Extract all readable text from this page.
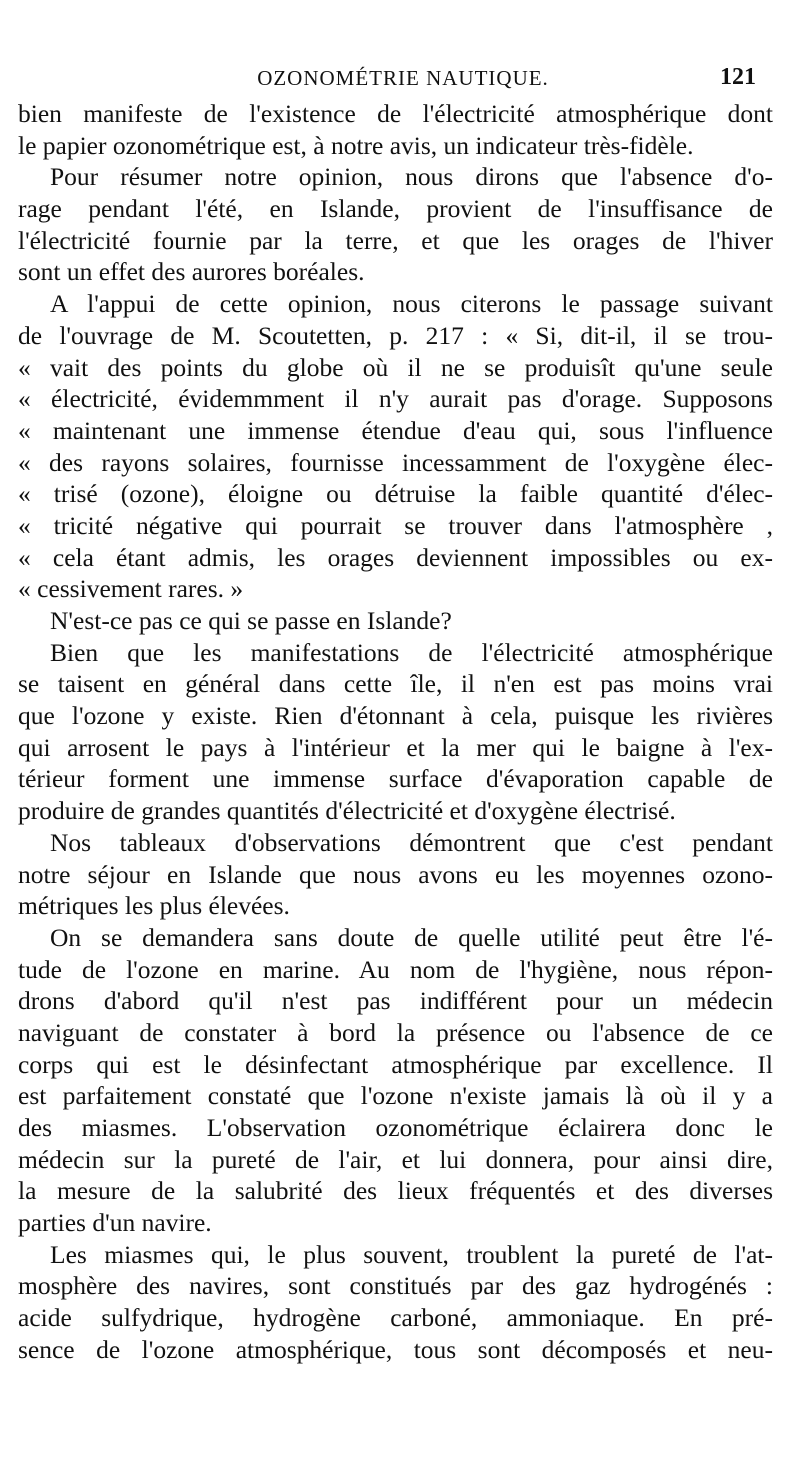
OZONOMÉTRIE NAUTIQUE.	121
bien manifeste de l'existence de l'électricité atmosphérique dont
le papier ozonométrique est, à notre avis, un indicateur très-fidèle.
Pour résumer notre opinion, nous dirons que l'absence d'o-
rage pendant l'été, en Islande, provient de l'insuffisance de
l'électricité fournie par la terre, et que les orages de l'hiver
sont un effet des aurores boréales.
A l'appui de cette opinion, nous citerons le passage suivant
de l'ouvrage de M. Scoutetten, p. 217 : « Si, dit-il, il se trou-
« vait des points du globe où il ne se produisît qu'une seule
« électricité, évidemmment il n'y aurait pas d'orage. Supposons
« maintenant une immense étendue d'eau qui, sous l'influence
« des rayons solaires, fournisse incessamment de l'oxygène élec-
« trisé (ozone), éloigne ou détruise la faible quantité d'élec-
« tricité négative qui pourrait se trouver dans l'atmosphère ,
« cela étant admis, les orages deviennent impossibles ou ex-
« cessivement rares. »
N'est-ce pas ce qui se passe en Islande?
Bien que les manifestations de l'électricité atmosphérique
se taisent en général dans cette île, il n'en est pas moins vrai
que l'ozone y existe. Rien d'étonnant à cela, puisque les rivières
qui arrosent le pays à l'intérieur et la mer qui le baigne à l'ex-
térieur forment une immense surface d'évaporation capable de
produire de grandes quantités d'électricité et d'oxygène électrisé.
Nos tableaux d'observations démontrent que c'est pendant
notre séjour en Islande que nous avons eu les moyennes ozono-
métriques les plus élevées.
On se demandera sans doute de quelle utilité peut être l'é-
tude de l'ozone en marine. Au nom de l'hygiène, nous répon-
drons d'abord qu'il n'est pas indifférent pour un médecin
naviguant de constater à bord la présence ou l'absence de ce
corps qui est le désinfectant atmosphérique par excellence. Il
est parfaitement constaté que l'ozone n'existe jamais là où il y a
des miasmes. L'observation ozonométrique éclairera donc le
médecin sur la pureté de l'air, et lui donnera, pour ainsi dire,
la mesure de la salubrité des lieux fréquentés et des diverses
parties d'un navire.
Les miasmes qui, le plus souvent, troublent la pureté de l'at-
mosphère des navires, sont constitués par des gaz hydrogénés :
acide sulfydrique, hydrogène carboné, ammoniaque. En pré-
sence de l'ozone atmosphérique, tous sont décomposés et neu-
